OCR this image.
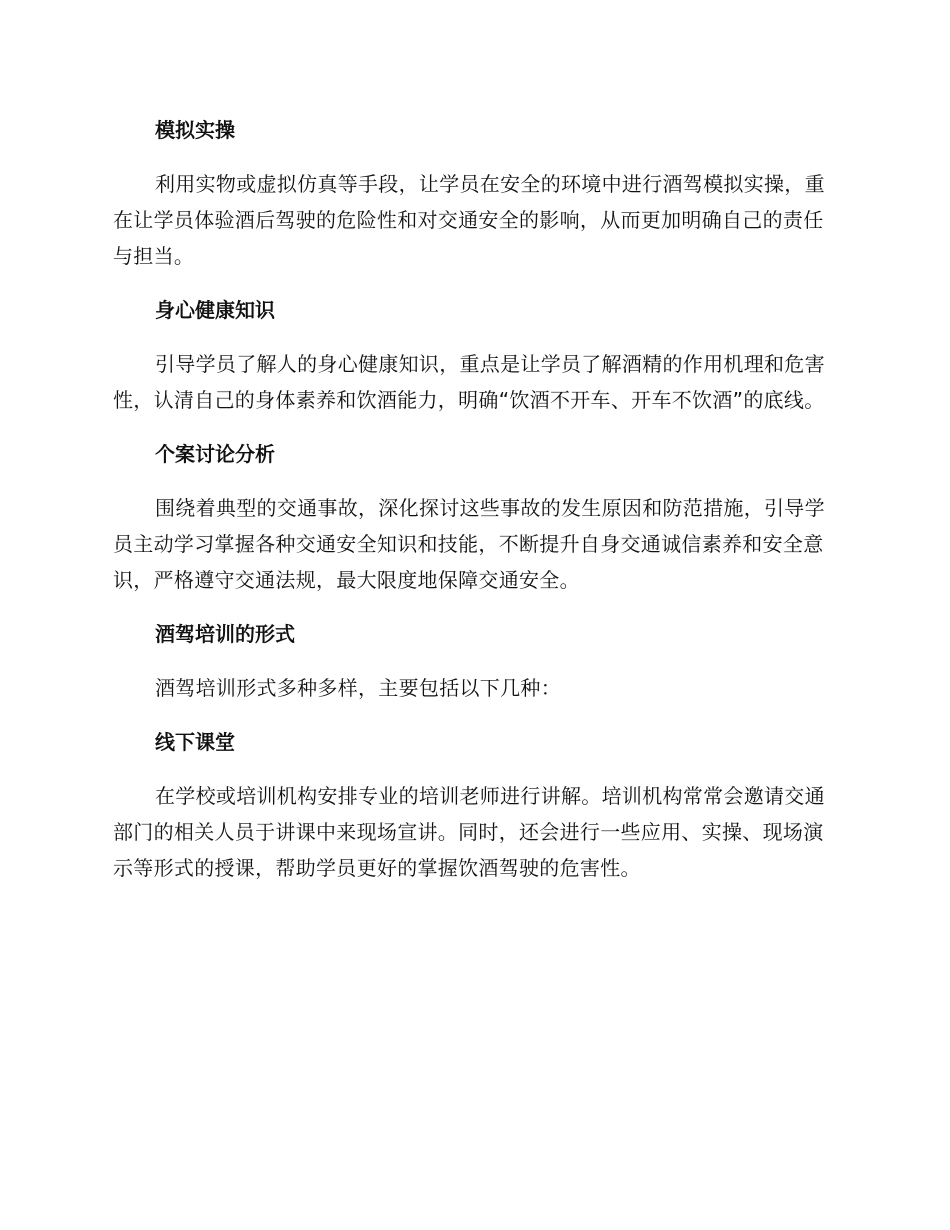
模拟实操
利用实物或虚拟仿真等手段，让学员在安全的环境中进行酒驾模拟实操，重在让学员体验酒后驾驶的危险性和对交通安全的影响，从而更加明确自己的责任与担当。
身心健康知识
引导学员了解人的身心健康知识，重点是让学员了解酒精的作用机理和危害性，认清自己的身体素养和饮酒能力，明确“饮酒不开车、开车不饮酒”的底线。
个案讨论分析
围绕着典型的交通事故，深化探讨这些事故的发生原因和防范措施，引导学员主动学习掌握各种交通安全知识和技能，不断提升自身交通诚信素养和安全意识，严格遵守交通法规，最大限度地保障交通安全。
酒驾培训的形式
酒驾培训形式多种多样，主要包括以下几种：
线下课堂
在学校或培训机构安排专业的培训老师进行讲解。培训机构常常会邀请交通部门的相关人员于讲课中来现场宣讲。同时，还会进行一些应用、实操、现场演示等形式的授课，帮助学员更好的掌握饮酒驾驶的危害性。
